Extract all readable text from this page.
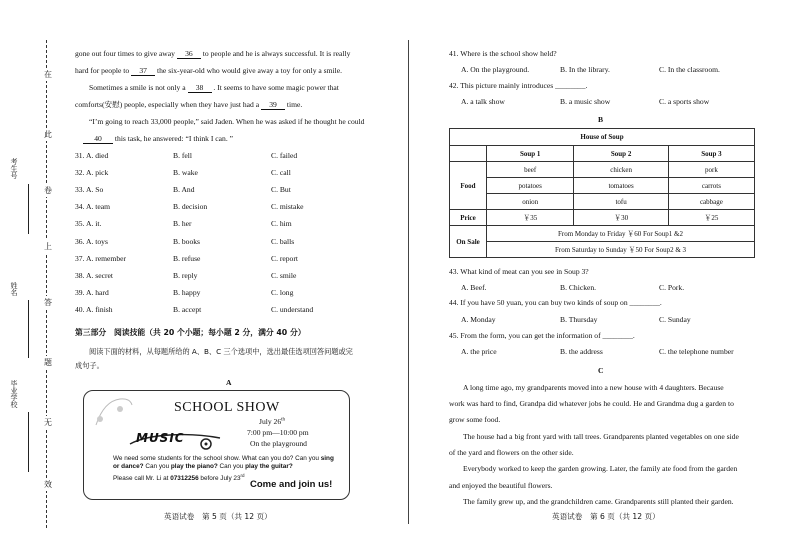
在
此
卷
上
答
题
无
效
考生号
姓名
毕业学校
gone out four times to give away 36 to people and he is always successful. It is really
hard for people to 37 the six-year-old who would give away a toy for only a smile.
Sometimes a smile is not only a 38 . It seems to have some magic power that
comforts(安慰) people, especially when they have just had a 39 time.
“I’m going to reach 33,000 people,” said Jaden. When he was asked if he thought he could
40 this task, he answered: “I think I can. ”
31. A. died	B. fell	C. failed
32. A. pick	B. wake	C. call
33. A. So	B. And	C. But
34. A. team	B. decision	C. mistake
35. A. it.	B. her	C. him
36. A. toys	B. books	C. balls
37. A. remember	B. refuse	C. report
38. A. secret	B. reply	C. smile
39. A. hard	B. happy	C. long
40. A. finish	B. accept	C. understand
第三部分　阅读技能（共 20 个小题；每小题 2 分，满分 40 分）
阅读下面的材料，从每题所给的 A、B、C 三个选项中，选出最佳选项回答问题或完
成句子。
A
SCHOOL SHOW
July 26th
7:00 pm—10:00 pm
On the playground
MUSIC
We need some students for the school show. What can you do? Can you sing
or dance? Can you play the piano? Can you play the guitar?
Please call Mr. Li at 07312256 before July 23rd
Come and join us!
英语试卷　第 5 页（共 12 页）
41. Where is the school show held?
A. On the playground.	B. In the library.	C. In the classroom.
42. This picture mainly introduces ________.
A. a talk show	B. a music show	C. a sports show
B
House of Soup			
	Soup 1	Soup 2	Soup 3
Food	beef	chicken	pork
	potatoes	tomatoes	carrots
	onion	tofu	cabbage
Price	￥35	￥30	￥25
On Sale	From Monday to Friday ￥60 For Soup1 &2		
	From Saturday to Sunday ￥50 For Soup2 & 3		
43. What kind of meat can you see in Soup 3?
A. Beef.	B. Chicken.	C. Pork.
44. If you have 50 yuan, you can buy two kinds of soup on ________.
A. Monday	B. Thursday	C. Sunday
45. From the form, you can get the information of ________.
A. the price	B. the address	C. the telephone number
C
A long time ago, my grandparents moved into a new house with 4 daughters. Because
work was hard to find, Grandpa did whatever jobs he could. He and Grandma dug a garden to
grow some food.
The house had a big front yard with tall trees. Grandparents planted vegetables on one side
of the yard and flowers on the other side.
Everybody worked to keep the garden growing. Later, the family ate food from the garden
and enjoyed the beautiful flowers.
The family grew up, and the grandchildren came. Grandparents still planted their garden.
英语试卷　第 6 页（共 12 页）
